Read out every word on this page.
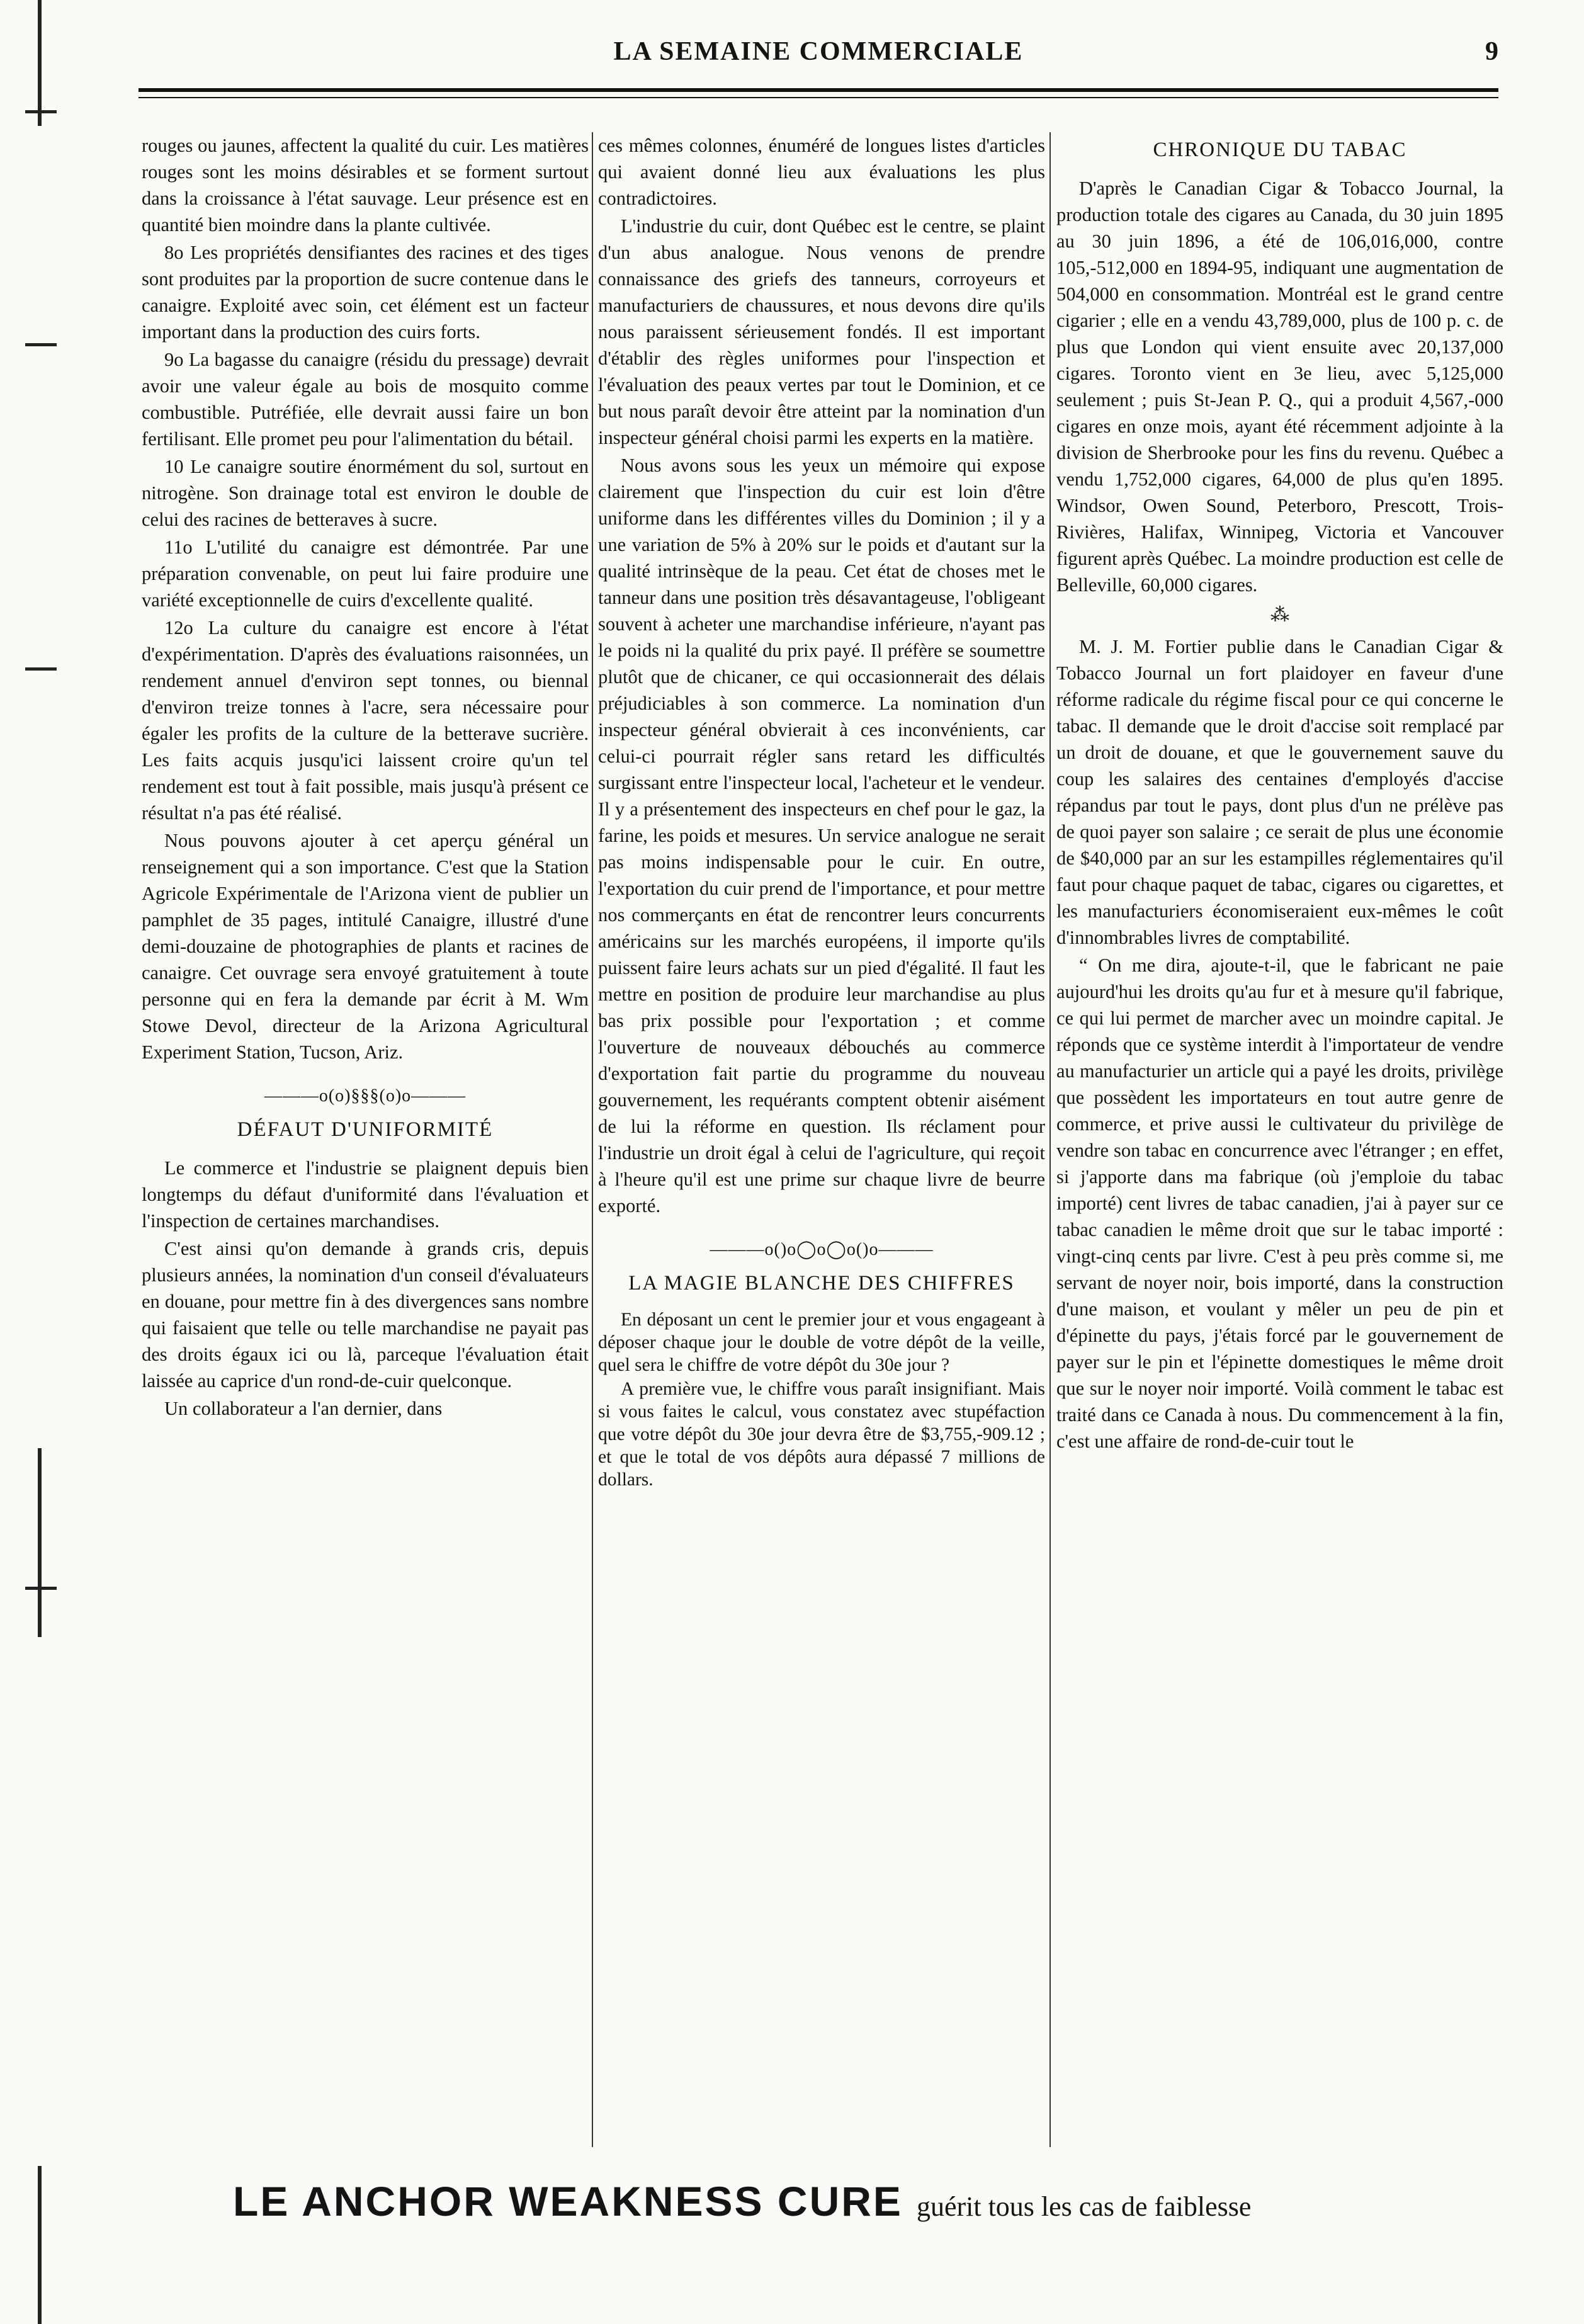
LA SEMAINE COMMERCIALE	9

rouges ou jaunes, affectent la qualité du cuir. Les matières rouges sont les moins désirables et se forment surtout dans la croissance à l'état sauvage. Leur présence est en quantité bien moindre dans la plante cultivée.

8o Les propriétés densifiantes des racines et des tiges sont produites par la proportion de sucre contenue dans le canaigre. Exploité avec soin, cet élément est un facteur important dans la production des cuirs forts.

9o La bagasse du canaigre (résidu du pressage) devrait avoir une valeur égale au bois de mosquito comme combustible. Putréfiée, elle devrait aussi faire un bon fertilisant. Elle promet peu pour l'alimentation du bétail.

10 Le canaigre soutire énormément du sol, surtout en nitrogène. Son drainage total est environ le double de celui des racines de betteraves à sucre.

11o L'utilité du canaigre est démontrée. Par une préparation convenable, on peut lui faire produire une variété exceptionnelle de cuirs d'excellente qualité.

12o La culture du canaigre est encore à l'état d'expérimentation. D'après des évaluations raisonnées, un rendement annuel d'environ sept tonnes, ou biennal d'environ treize tonnes à l'acre, sera nécessaire pour égaler les profits de la culture de la betterave sucrière. Les faits acquis jusqu'ici laissent croire qu'un tel rendement est tout à fait possible, mais jusqu'à présent ce résultat n'a pas été réalisé.

Nous pouvons ajouter à cet aperçu général un renseignement qui a son importance. C'est que la Station Agricole Expérimentale de l'Arizona vient de publier un pamphlet de 35 pages, intitulé Canaigre, illustré d'une demi-douzaine de photographies de plants et racines de canaigre. Cet ouvrage sera envoyé gratuitement à toute personne qui en fera la demande par écrit à M. Wm Stowe Devol, directeur de la Arizona Agricultural Experiment Station, Tucson, Ariz.

———o(o)§§§(o)o———
DÉFAUT D'UNIFORMITÉ

Le commerce et l'industrie se plaignent depuis bien longtemps du défaut d'uniformité dans l'évaluation et l'inspection de certaines marchandises.

C'est ainsi qu'on demande à grands cris, depuis plusieurs années, la nomination d'un conseil d'évaluateurs en douane, pour mettre fin à des divergences sans nombre qui faisaient que telle ou telle marchandise ne payait pas des droits égaux ici ou là, parceque l'évaluation était laissée au caprice d'un rond-de-cuir quelconque.

Un collaborateur a l'an dernier, dans

ces mêmes colonnes, énuméré de longues listes d'articles qui avaient donné lieu aux évaluations les plus contradictoires.

L'industrie du cuir, dont Québec est le centre, se plaint d'un abus analogue. Nous venons de prendre connaissance des griefs des tanneurs, corroyeurs et manufacturiers de chaussures, et nous devons dire qu'ils nous paraissent sérieusement fondés. Il est important d'établir des règles uniformes pour l'inspection et l'évaluation des peaux vertes par tout le Dominion, et ce but nous paraît devoir être atteint par la nomination d'un inspecteur général choisi parmi les experts en la matière.

Nous avons sous les yeux un mémoire qui expose clairement que l'inspection du cuir est loin d'être uniforme dans les différentes villes du Dominion ; il y a une variation de 5% à 20% sur le poids et d'autant sur la qualité intrinsèque de la peau. Cet état de choses met le tanneur dans une position très désavantageuse, l'obligeant souvent à acheter une marchandise inférieure, n'ayant pas le poids ni la qualité du prix payé. Il préfère se soumettre plutôt que de chicaner, ce qui occasionnerait des délais préjudiciables à son commerce. La nomination d'un inspecteur général obvierait à ces inconvénients, car celui-ci pourrait régler sans retard les difficultés surgissant entre l'inspecteur local, l'acheteur et le vendeur. Il y a présentement des inspecteurs en chef pour le gaz, la farine, les poids et mesures. Un service analogue ne serait pas moins indispensable pour le cuir. En outre, l'exportation du cuir prend de l'importance, et pour mettre nos commerçants en état de rencontrer leurs concurrents américains sur les marchés européens, il importe qu'ils puissent faire leurs achats sur un pied d'égalité. Il faut les mettre en position de produire leur marchandise au plus bas prix possible pour l'exportation ; et comme l'ouverture de nouveaux débouchés au commerce d'exportation fait partie du programme du nouveau gouvernement, les requérants comptent obtenir aisément de lui la réforme en question. Ils réclament pour l'industrie un droit égal à celui de l'agriculture, qui reçoit à l'heure qu'il est une prime sur chaque livre de beurre exporté.

———o()o◯o◯o()o———
LA MAGIE BLANCHE DES CHIFFRES

En déposant un cent le premier jour et vous engageant à déposer chaque jour le double de votre dépôt de la veille, quel sera le chiffre de votre dépôt du 30e jour ?

A première vue, le chiffre vous paraît insignifiant. Mais si vous faites le calcul, vous constatez avec stupéfaction que votre dépôt du 30e jour devra être de $3,755,-909.12 ; et que le total de vos dépôts aura dépassé 7 millions de dollars.

CHRONIQUE DU TABAC

D'après le Canadian Cigar & Tobacco Journal, la production totale des cigares au Canada, du 30 juin 1895 au 30 juin 1896, a été de 106,016,000, contre 105,-512,000 en 1894-95, indiquant une augmentation de 504,000 en consommation. Montréal est le grand centre cigarier ; elle en a vendu 43,789,000, plus de 100 p. c. de plus que London qui vient ensuite avec 20,137,000 cigares. Toronto vient en 3e lieu, avec 5,125,000 seulement ; puis St-Jean P. Q., qui a produit 4,567,-000 cigares en onze mois, ayant été récemment adjointe à la division de Sherbrooke pour les fins du revenu. Québec a vendu 1,752,000 cigares, 64,000 de plus qu'en 1895. Windsor, Owen Sound, Peterboro, Prescott, Trois-Rivières, Halifax, Winnipeg, Victoria et Vancouver figurent après Québec. La moindre production est celle de Belleville, 60,000 cigares.

⁂

M. J. M. Fortier publie dans le Canadian Cigar & Tobacco Journal un fort plaidoyer en faveur d'une réforme radicale du régime fiscal pour ce qui concerne le tabac. Il demande que le droit d'accise soit remplacé par un droit de douane, et que le gouvernement sauve du coup les salaires des centaines d'employés d'accise répandus par tout le pays, dont plus d'un ne prélève pas de quoi payer son salaire ; ce serait de plus une économie de $40,000 par an sur les estampilles réglementaires qu'il faut pour chaque paquet de tabac, cigares ou cigarettes, et les manufacturiers économiseraient eux-mêmes le coût d'innombrables livres de comptabilité.

“ On me dira, ajoute-t-il, que le fabricant ne paie aujourd'hui les droits qu'au fur et à mesure qu'il fabrique, ce qui lui permet de marcher avec un moindre capital. Je réponds que ce système interdit à l'importateur de vendre au manufacturier un article qui a payé les droits, privilège que possèdent les importateurs en tout autre genre de commerce, et prive aussi le cultivateur du privilège de vendre son tabac en concurrence avec l'étranger ; en effet, si j'apporte dans ma fabrique (où j'emploie du tabac importé) cent livres de tabac canadien, j'ai à payer sur ce tabac canadien le même droit que sur le tabac importé : vingt-cinq cents par livre. C'est à peu près comme si, me servant de noyer noir, bois importé, dans la construction d'une maison, et voulant y mêler un peu de pin et d'épinette du pays, j'étais forcé par le gouvernement de payer sur le pin et l'épinette domestiques le même droit que sur le noyer noir importé. Voilà comment le tabac est traité dans ce Canada à nous. Du commencement à la fin, c'est une affaire de rond-de-cuir tout le

LE ANCHOR WEAKNESS CURE guérit tous les cas de faiblesse
